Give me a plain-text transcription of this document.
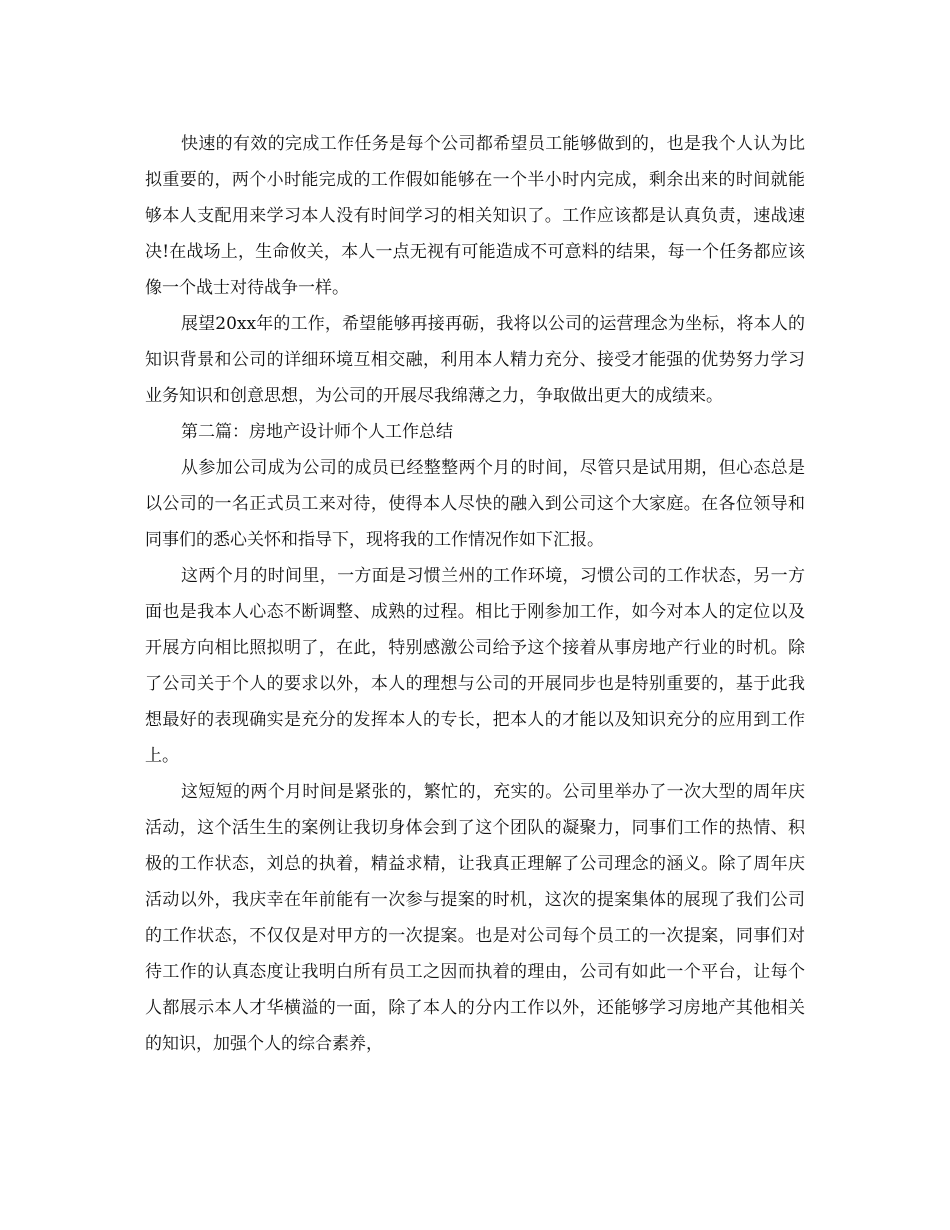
快速的有效的完成工作任务是每个公司都希望员工能够做到的，也是我个人认为比拟重要的，两个小时能完成的工作假如能够在一个半小时内完成，剩余出来的时间就能够本人支配用来学习本人没有时间学习的相关知识了。工作应该都是认真负责，速战速决!在战场上，生命攸关，本人一点无视有可能造成不可意料的结果，每一个任务都应该像一个战士对待战争一样。

展望20xx年的工作，希望能够再接再砺，我将以公司的运营理念为坐标，将本人的知识背景和公司的详细环境互相交融，利用本人精力充分、接受才能强的优势努力学习业务知识和创意思想，为公司的开展尽我绵薄之力，争取做出更大的成绩来。

第二篇：房地产设计师个人工作总结

从参加公司成为公司的成员已经整整两个月的时间，尽管只是试用期，但心态总是以公司的一名正式员工来对待，使得本人尽快的融入到公司这个大家庭。在各位领导和同事们的悉心关怀和指导下，现将我的工作情况作如下汇报。

这两个月的时间里，一方面是习惯兰州的工作环境，习惯公司的工作状态，另一方面也是我本人心态不断调整、成熟的过程。相比于刚参加工作，如今对本人的定位以及开展方向相比照拟明了，在此，特别感激公司给予这个接着从事房地产行业的时机。除了公司关于个人的要求以外，本人的理想与公司的开展同步也是特别重要的，基于此我想最好的表现确实是充分的发挥本人的专长，把本人的才能以及知识充分的应用到工作上。

这短短的两个月时间是紧张的，繁忙的，充实的。公司里举办了一次大型的周年庆活动，这个活生生的案例让我切身体会到了这个团队的凝聚力，同事们工作的热情、积极的工作状态，刘总的执着，精益求精，让我真正理解了公司理念的涵义。除了周年庆活动以外，我庆幸在年前能有一次参与提案的时机，这次的提案集体的展现了我们公司的工作状态，不仅仅是对甲方的一次提案。也是对公司每个员工的一次提案，同事们对待工作的认真态度让我明白所有员工之因而执着的理由，公司有如此一个平台，让每个人都展示本人才华横溢的一面，除了本人的分内工作以外，还能够学习房地产其他相关的知识，加强个人的综合素养，
